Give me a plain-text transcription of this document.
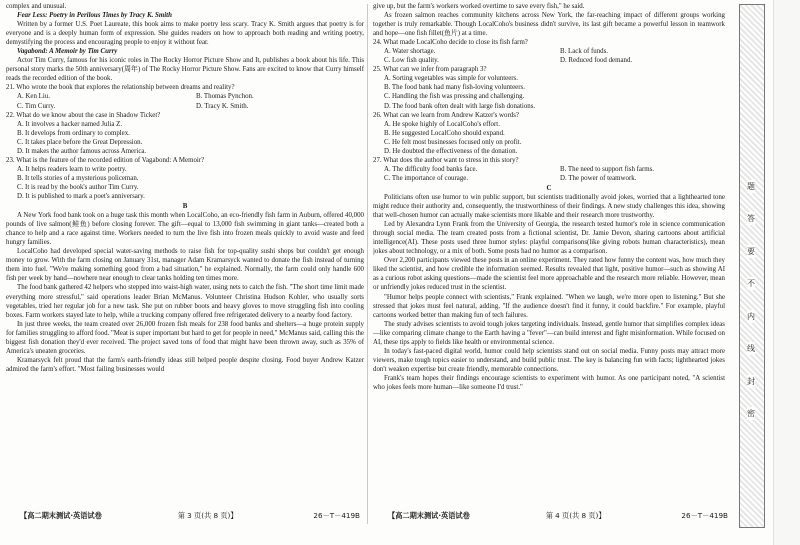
complex and unusual.

Fear Less: Poetry in Perilous Times by Tracy K. Smith

Written by a former U.S. Poet Laureate, this book aims to make poetry less scary. Tracy K. Smith argues that poetry is for everyone and is a deeply human form of expression. She guides readers on how to approach both reading and writing poetry, demystifying the process and encouraging people to enjoy it without fear.

Vagabond: A Memoir by Tim Curry

Actor Tim Curry, famous for his iconic roles in The Rocky Horror Picture Show and It, publishes a book about his life. This personal story marks the 50th anniversary(周年) of The Rocky Horror Picture Show. Fans are excited to know that Curry himself reads the recorded edition of the book.

21. Who wrote the book that explores the relationship between dreams and reality?

A. Ken Liu.	B. Thomas Pynchon.
C. Tim Curry.	D. Tracy K. Smith.

22. What do we know about the case in Shadow Ticket?

A. It involves a hacker named Julia Z.
B. It develops from ordinary to complex.
C. It takes place before the Great Depression.
D. It makes the author famous across America.

23. What is the feature of the recorded edition of Vagabond: A Memoir?

A. It helps readers learn to write poetry.
B. It tells stories of a mysterious policeman.
C. It is read by the book's author Tim Curry.
D. It is published to mark a poet's anniversary.

B

A New York food bank took on a huge task this month when LocalCoho, an eco-friendly fish farm in Auburn, offered 40,000 pounds of live salmon(鲑鱼) before closing forever. The gift—equal to 13,000 fish swimming in giant tanks—created both a chance to help and a race against time. Workers needed to turn the live fish into frozen meals quickly to avoid waste and feed hungry families.

LocalCoho had developed special water-saving methods to raise fish for top-quality sushi shops but couldn't get enough money to grow. With the farm closing on January 31st, manager Adam Kramarsyck wanted to donate the fish instead of turning them into fuel. "We're making something good from a bad situation," he explained. Normally, the farm could only handle 600 fish per week by hand—nowhere near enough to clear tanks holding ten times more.

The food bank gathered 42 helpers who stepped into waist-high water, using nets to catch the fish. "The short time limit made everything more stressful," said operations leader Brian McManus. Volunteer Christina Hudson Kohler, who usually sorts vegetables, tried her regular job for a new task. She put on rubber boots and heavy gloves to move struggling fish into cooling boxes. Farm workers stayed late to help, while a trucking company offered free refrigerated delivery to a nearby food factory.

In just three weeks, the team created over 26,000 frozen fish meals for 238 food banks and shelters—a huge protein supply for families struggling to afford food. "Meat is super important but hard to get for people in need," McManus said, calling this the biggest fish donation they'd ever received. The project saved tons of food that might have been thrown away, such as 35% of America's uneaten groceries.

Kramarsyck felt proud that the farm's earth-friendly ideas still helped people despite closing. Food buyer Andrew Katzer admired the farm's effort. "Most failing businesses would

give up, but the farm's workers worked overtime to save every fish," he said.

As frozen salmon reaches community kitchens across New York, the far-reaching impact of different groups working together is truly remarkable. Though LocalCoho's business didn't survive, its last gift became a powerful lesson in teamwork and hope—one fish fillet(鱼片) at a time.

24. What made LocalCoho decide to close its fish farm?

A. Water shortage.	B. Lack of funds.
C. Low fish quality.	D. Reduced food demand.

25. What can we infer from paragraph 3?

A. Sorting vegetables was simple for volunteers.
B. The food bank had many fish-loving volunteers.
C. Handling the fish was pressing and challenging.
D. The food bank often dealt with large fish donations.

26. What can we learn from Andrew Katzer's words?

A. He spoke highly of LocalCoho's effort.
B. He suggested LocalCoho should expand.
C. He felt most businesses focused only on profit.
D. He doubted the effectiveness of the donation.

27. What does the author want to stress in this story?

A. The difficulty food banks face.	B. The need to support fish farms.
C. The importance of courage.	D. The power of teamwork.

C

Politicians often use humor to win public support, but scientists traditionally avoid jokes, worried that a lighthearted tone might reduce their authority and, consequently, the trustworthiness of their findings. A new study challenges this idea, showing that well-chosen humor can actually make scientists more likable and their research more trustworthy.

Led by Alexandra Lynn Frank from the University of Georgia, the research tested humor's role in science communication through social media. The team created posts from a fictional scientist, Dr. Jamie Devon, sharing cartoons about artificial intelligence(AI). These posts used three humor styles: playful comparisons(like giving robots human characteristics), mean jokes about technology, or a mix of both. Some posts had no humor as a comparison.

Over 2,200 participants viewed these posts in an online experiment. They rated how funny the content was, how much they liked the scientist, and how credible the information seemed. Results revealed that light, positive humor—such as showing AI as a curious robot asking questions—made the scientist feel more approachable and the research more reliable. However, mean or unfriendly jokes reduced trust in the scientist.

"Humor helps people connect with scientists," Frank explained. "When we laugh, we're more open to listening." But she stressed that jokes must feel natural, adding, "If the audience doesn't find it funny, it could backfire." For example, playful cartoons worked better than making fun of tech failures.

The study advises scientists to avoid tough jokes targeting individuals. Instead, gentle humor that simplifies complex ideas—like comparing climate change to the Earth having a "fever"—can build interest and fight misinformation. While focused on AI, these tips apply to fields like health or environmental science.

In today's fast-paced digital world, humor could help scientists stand out on social media. Funny posts may attract more viewers, make tough topics easier to understand, and build public trust. The key is balancing fun with facts; lighthearted jokes don't weaken expertise but create friendly, memorable connections.

Frank's team hopes their findings encourage scientists to experiment with humor. As one participant noted, "A scientist who jokes feels more human—like someone I'd trust."

【高二期末测试·英语试卷	第 3 页(共 8 页)】	26－T－419B	【高二期末测试·英语试卷	第 4 页(共 8 页)】	26－T－419B
题
答
要
不
内
线
封
密
